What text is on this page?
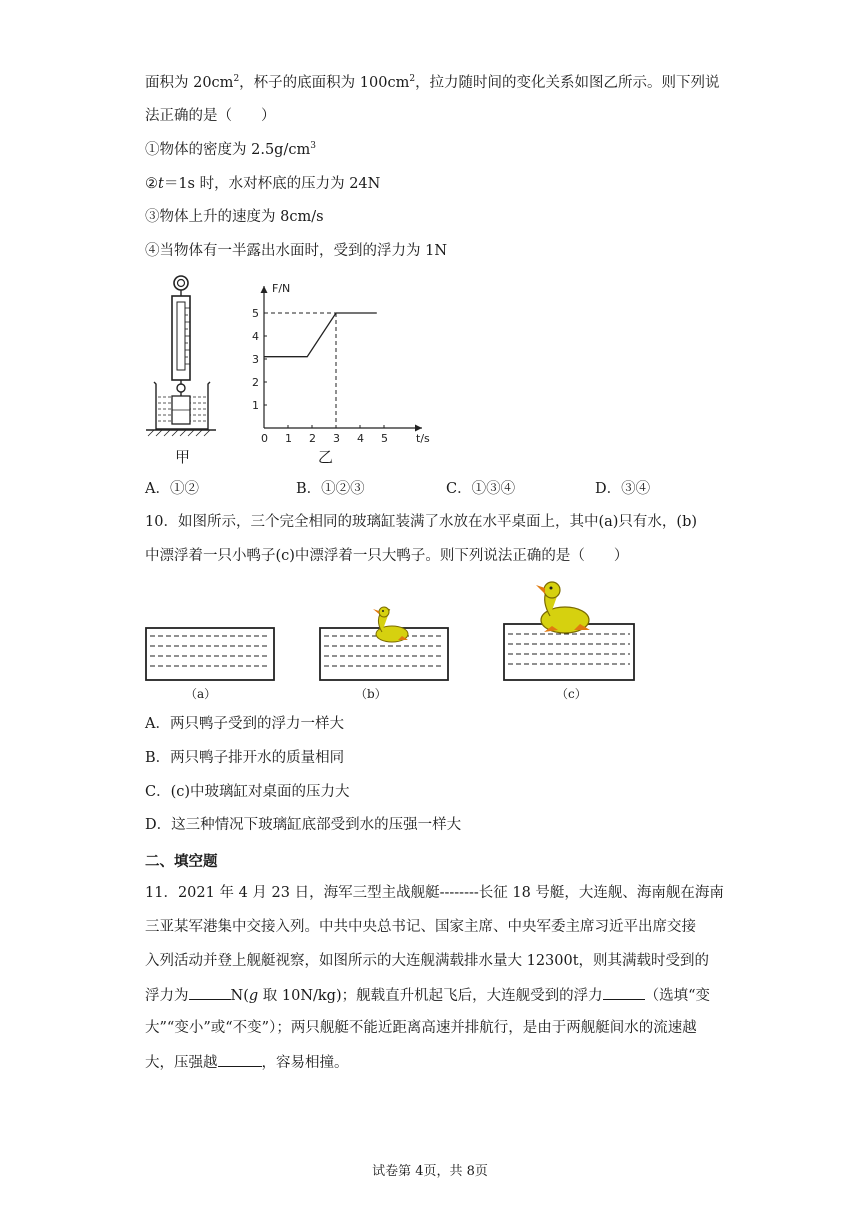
面积为 $20cm^2$，杯子的底面积为 $100cm^2$，拉力随时间的变化关系如图乙所示。则下列说
法正确的是（　　）
①物体的密度为 $2.5g/cm^3$
②t＝1s 时，水对杯底的压力为 24N
③物体上升的速度为 8cm/s
④当物体有一半露出水面时，受到的浮力为 1N
甲
F/N
t/s
0 1 2 3 4 5
1
2
3
4
5
乙
A．①②	B．①②③	C．①③④	D．③④
10．如图所示，三个完全相同的玻璃缸装满了水放在水平桌面上，其中(a)只有水，(b)
中漂浮着一只小鸭子(c)中漂浮着一只大鸭子。则下列说法正确的是（　　）
（a）	（b）	（c）
A．两只鸭子受到的浮力一样大
B．两只鸭子排开水的质量相同
C．(c)中玻璃缸对桌面的压力大
D．这三种情况下玻璃缸底部受到水的压强一样大
二、填空题
11．2021 年 4 月 23 日，海军三型主战舰艇--------长征 18 号艇，大连舰、海南舰在海南
三亚某军港集中交接入列。中共中央总书记、国家主席、中央军委主席习近平出席交接
入列活动并登上舰艇视察，如图所示的大连舰满载排水量大 12300t，则其满载时受到的
浮力为	N(g 取 10N/kg)；舰载直升机起飞后，大连舰受到的浮力	（选填“变
大”“变小”或“不变”）；两只舰艇不能近距离高速并排航行，是由于两舰艇间水的流速越
大，压强越	，容易相撞。
试卷第 4页，共 8页
